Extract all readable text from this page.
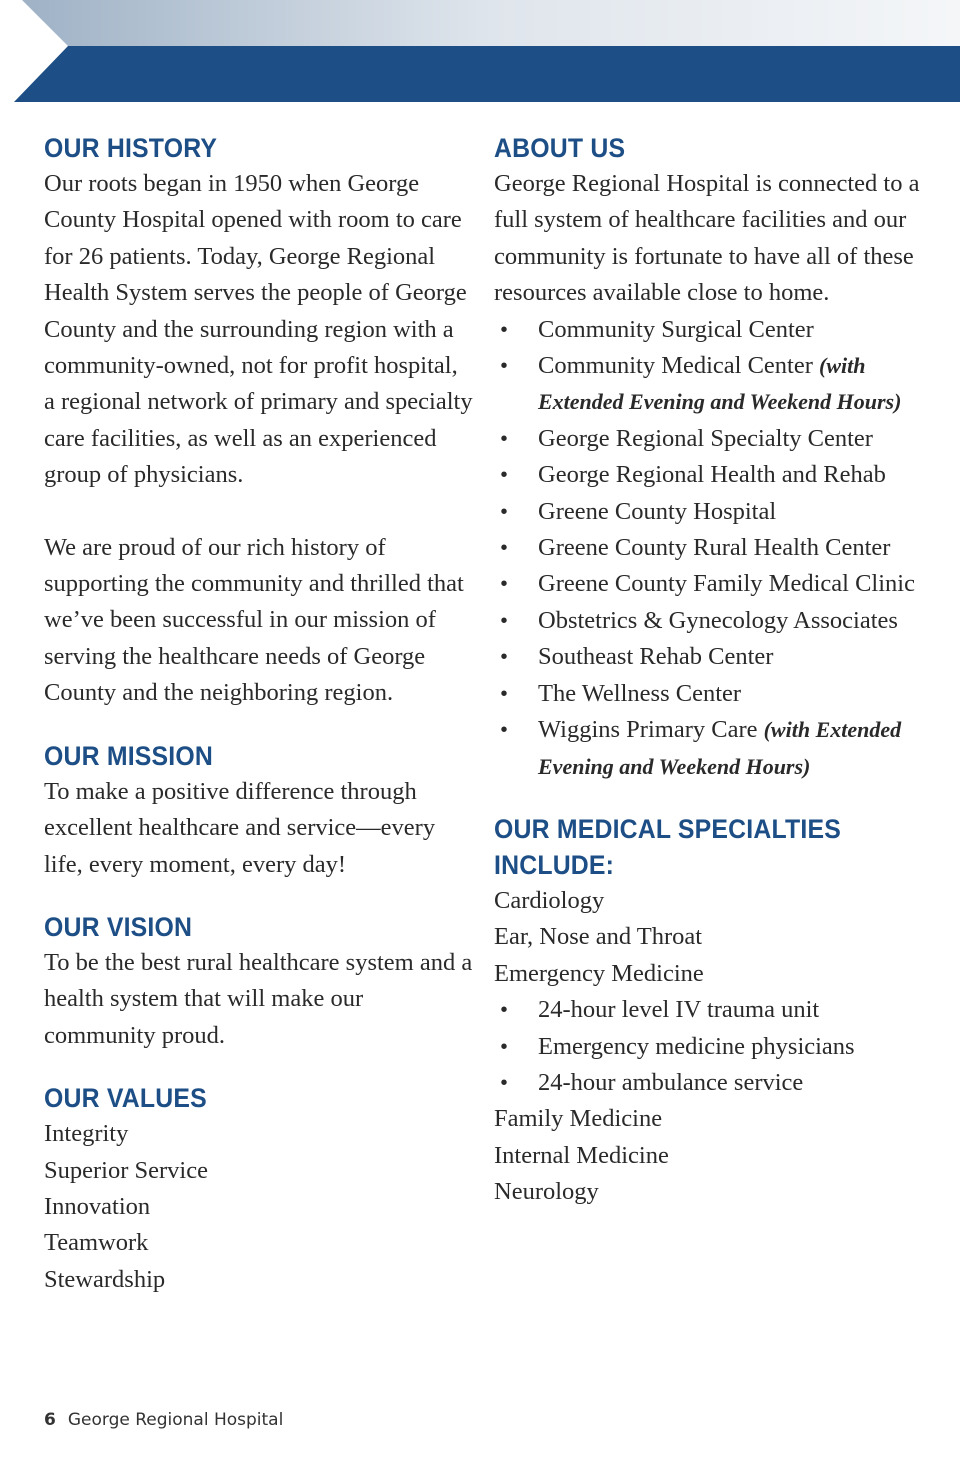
OUR HISTORY

Our roots began in 1950 when George County Hospital opened with room to care for 26 patients. Today, George Regional Health System serves the people of George County and the surrounding region with a community-owned, not for profit hospital, a regional network of primary and specialty care facilities, as well as an experienced group of physicians.

We are proud of our rich history of supporting the community and thrilled that we’ve been successful in our mission of serving the healthcare needs of George County and the neighboring region.

OUR MISSION

To make a positive difference through excellent healthcare and service—every life, every moment, every day!

OUR VISION

To be the best rural healthcare system and a health system that will make our community proud.

OUR VALUES
Integrity
Superior Service
Innovation
Teamwork
Stewardship
ABOUT US

George Regional Hospital is connected to a full system of healthcare facilities and our community is fortunate to have all of these resources available close to home.

• Community Surgical Center
• Community Medical Center (with Extended Evening and Weekend Hours)
• George Regional Specialty Center
• George Regional Health and Rehab
• Greene County Hospital
• Greene County Rural Health Center
• Greene County Family Medical Clinic
• Obstetrics & Gynecology Associates
• Southeast Rehab Center
• The Wellness Center
• Wiggins Primary Care (with Extended Evening and Weekend Hours)
OUR MEDICAL SPECIALTIES
INCLUDE:
Cardiology
Ear, Nose and Throat
Emergency Medicine
• 24-hour level IV trauma unit
• Emergency medicine physicians
• 24-hour ambulance service
Family Medicine
Internal Medicine
Neurology
6 George Regional Hospital
